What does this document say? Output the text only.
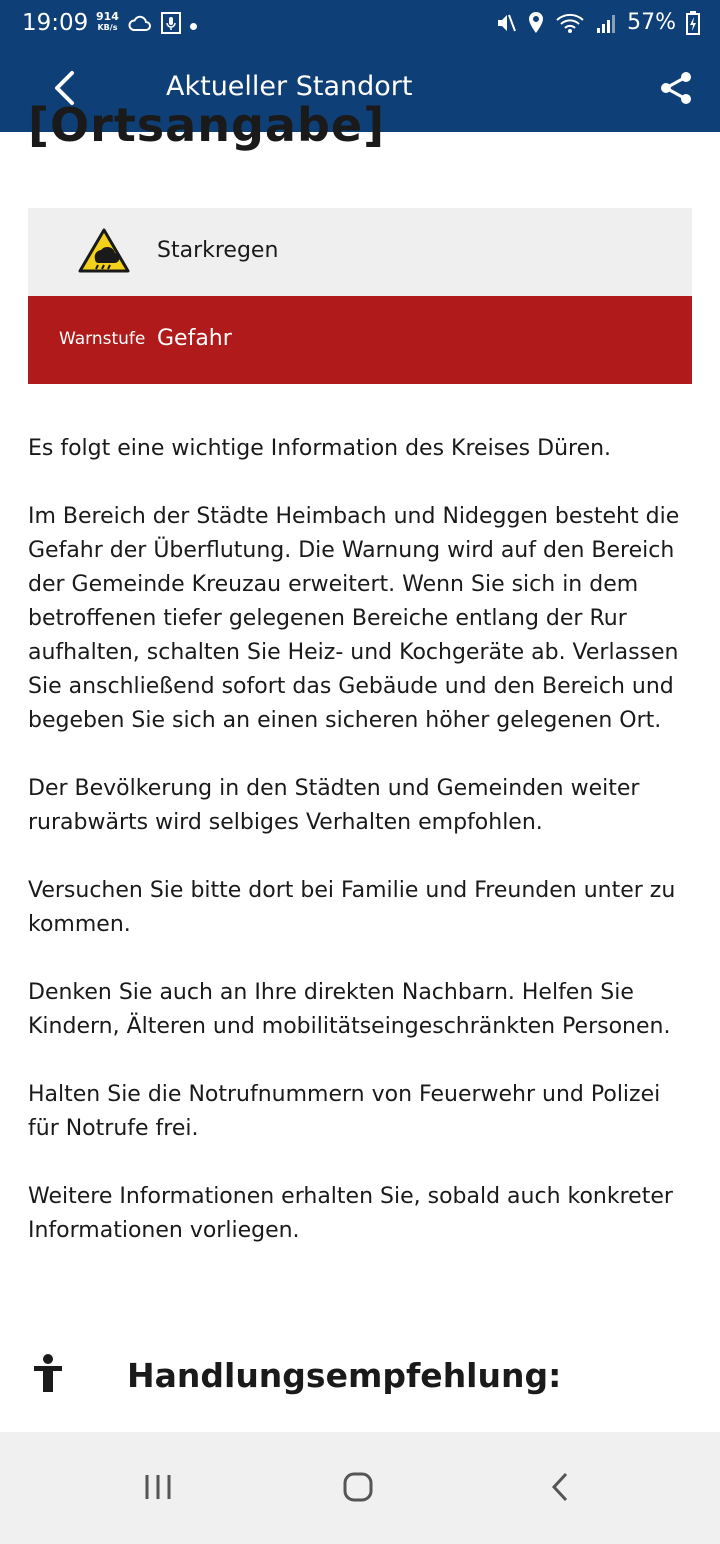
19:09 914
KB/s	57%
Aktueller Standort
[Ortsangabe]
Starkregen
Warnstufe Gefahr

Es folgt eine wichtige Information des Kreises Düren.

Im Bereich der Städte Heimbach und Nideggen besteht die Gefahr der Überflutung. Die Warnung wird auf den Bereich der Gemeinde Kreuzau erweitert. Wenn Sie sich in dem betroffenen tiefer gelegenen Bereiche entlang der Rur aufhalten, schalten Sie Heiz- und Kochgeräte ab. Verlassen Sie anschließend sofort das Gebäude und den Bereich und begeben Sie sich an einen sicheren höher gelegenen Ort.

Der Bevölkerung in den Städten und Gemeinden weiter rurabwärts wird selbiges Verhalten empfohlen.

Versuchen Sie bitte dort bei Familie und Freunden unter zu kommen.

Denken Sie auch an Ihre direkten Nachbarn. Helfen Sie Kindern, Älteren und mobilitätseingeschränkten Personen.

Halten Sie die Notrufnummern von Feuerwehr und Polizei für Notrufe frei.

Weitere Informationen erhalten Sie, sobald auch konkreter Informationen vorliegen.

Handlungsempfehlung:
